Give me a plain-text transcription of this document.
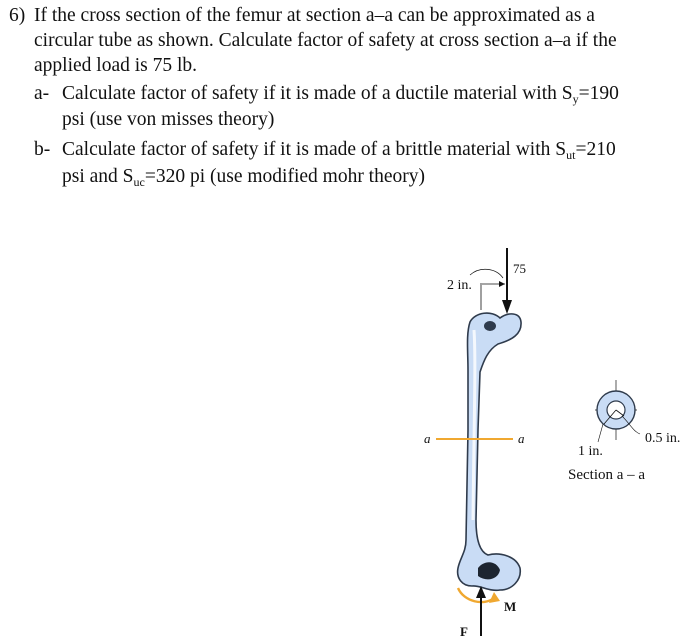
6) If the cross section of the femur at section a–a can be approximated as a
circular tube as shown. Calculate factor of safety at cross section a–a if the
applied load is 75 lb.
a- Calculate factor of safety if it is made of a ductile material with $S_y=190$
psi (use von misses theory)
b- Calculate factor of safety if it is made of a brittle material with $S_{ut}=210$
psi and $S_{uc}=320$ pi (use modified mohr theory)
75
2 in.
a	a
M
F
0.5 in.
1 in.
Section a – a
